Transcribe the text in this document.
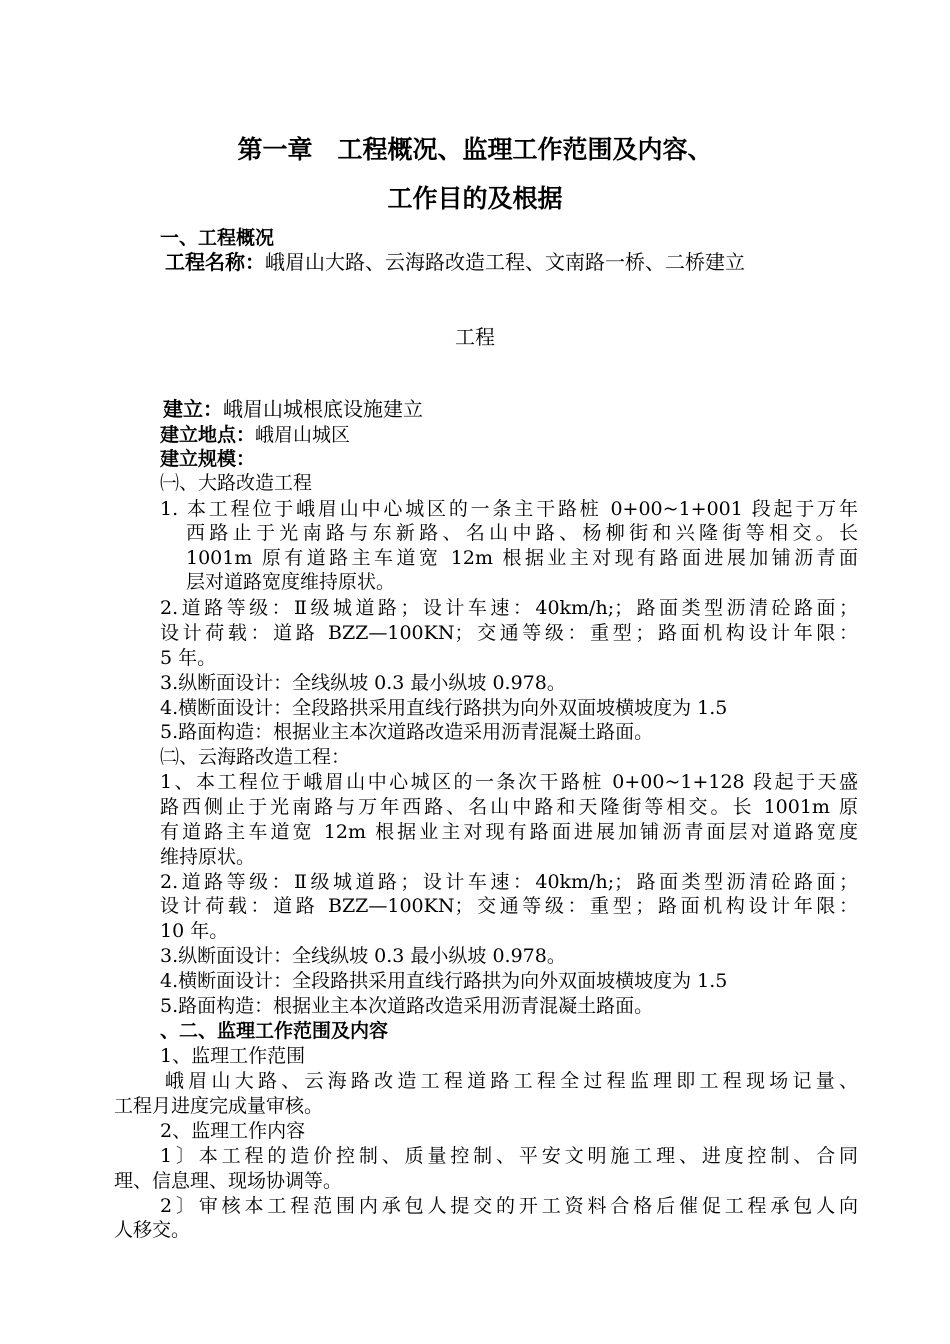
第一章　工程概况、监理工作范围及内容、
工作目的及根据
一、工程概况
工程名称：峨眉山大路、云海路改造工程、文南路一桥、二桥建立
工程
建立：峨眉山城根底设施建立
建立地点：峨眉山城区
建立规模：
㈠、大路改造工程
1. 本工程位于峨眉山中心城区的一条主干路桩 0+00~1+001 段起于万年
西路止于光南路与东新路、名山中路、杨柳街和兴隆街等相交。长
1001m 原有道路主车道宽 12m 根据业主对现有路面进展加铺沥青面
层对道路宽度维持原状。
2.道路等级：Ⅱ级城道路；设计车速：40km/h;；路面类型沥清砼路面；
设计荷载：道路 BZZ—100KN；交通等级：重型；路面机构设计年限：
5 年。
3.纵断面设计：全线纵坡 0.3 最小纵坡 0.978。
4.横断面设计：全段路拱采用直线行路拱为向外双面坡横坡度为 1.5
5.路面构造：根据业主本次道路改造采用沥青混凝土路面。
㈡、云海路改造工程：
1、本工程位于峨眉山中心城区的一条次干路桩 0+00~1+128 段起于天盛
路西侧止于光南路与万年西路、名山中路和天隆街等相交。长 1001m 原
有道路主车道宽 12m 根据业主对现有路面进展加铺沥青面层对道路宽度
维持原状。
2.道路等级：Ⅱ级城道路；设计车速：40km/h;；路面类型沥清砼路面；
设计荷载：道路 BZZ—100KN；交通等级：重型；路面机构设计年限：
10 年。
3.纵断面设计：全线纵坡 0.3 最小纵坡 0.978。
4.横断面设计：全段路拱采用直线行路拱为向外双面坡横坡度为 1.5
5.路面构造：根据业主本次道路改造采用沥青混凝土路面。
、二、监理工作范围及内容
1、监理工作范围
峨眉山大路、云海路改造工程道路工程全过程监理即工程现场记量、
工程月进度完成量审核。
2、监理工作内容
1〕本工程的造价控制、质量控制、平安文明施工理、进度控制、合同
理、信息理、现场协调等。
2〕审核本工程范围内承包人提交的开工资料合格后催促工程承包人向
人移交。
